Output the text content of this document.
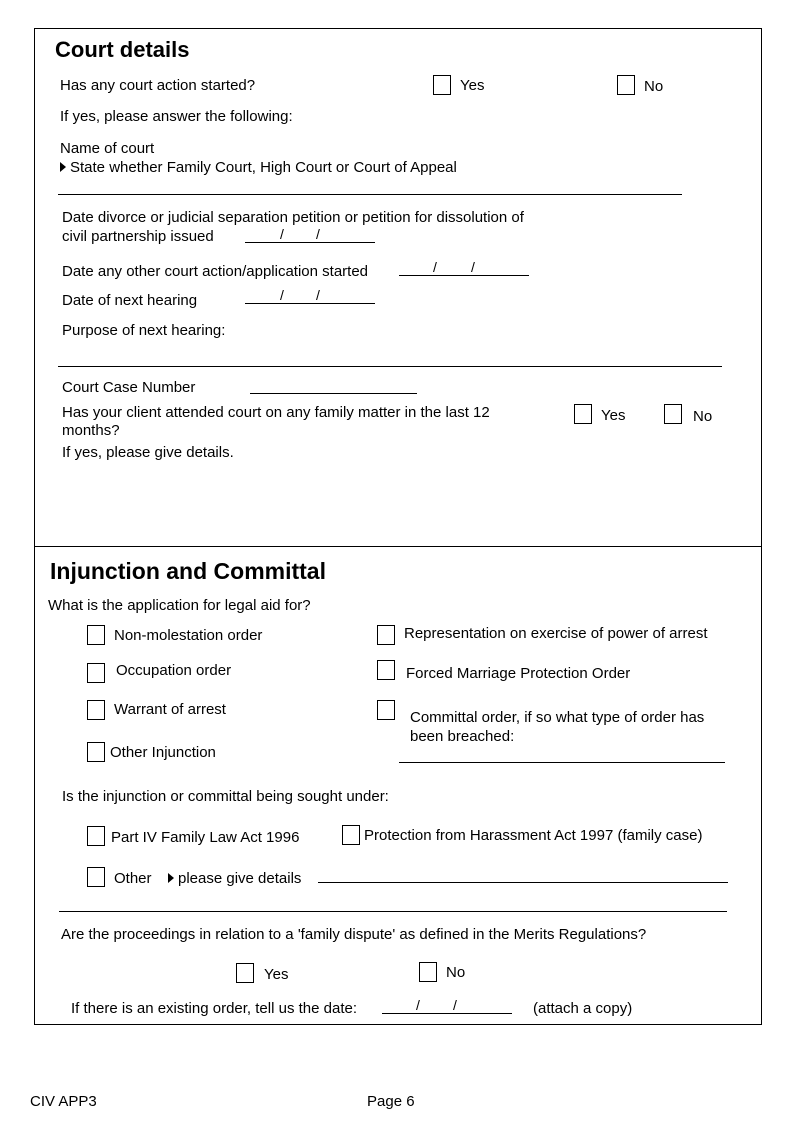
Court details
Has any court action started?	Yes	No
If yes, please answer the following:
Name of court
State whether Family Court, High Court or Court of Appeal
Date divorce or judicial separation petition or petition for dissolution of
civil partnership issued	/ /
Date any other court action/application started	/ /
Date of next hearing	/ /
Purpose of next hearing:
Court Case Number
Has your client attended court on any family matter in the last 12
months?
Yes	No
If yes, please give details.
Injunction and Committal
What is the application for legal aid for?
Non-molestation order
Occupation order
Warrant of arrest
Other Injunction
Representation on exercise of power of arrest
Forced Marriage Protection Order
Committal order, if so what type of order has
been breached:
Is the injunction or committal being sought under:
Part IV Family Law Act 1996	Protection from Harassment Act 1997 (family case)
Other	please give details
Are the proceedings in relation to a 'family dispute' as defined in the Merits Regulations?
Yes	No
If there is an existing order, tell us the date:	/ /	(attach a copy)
CIV APP3	Page 6
